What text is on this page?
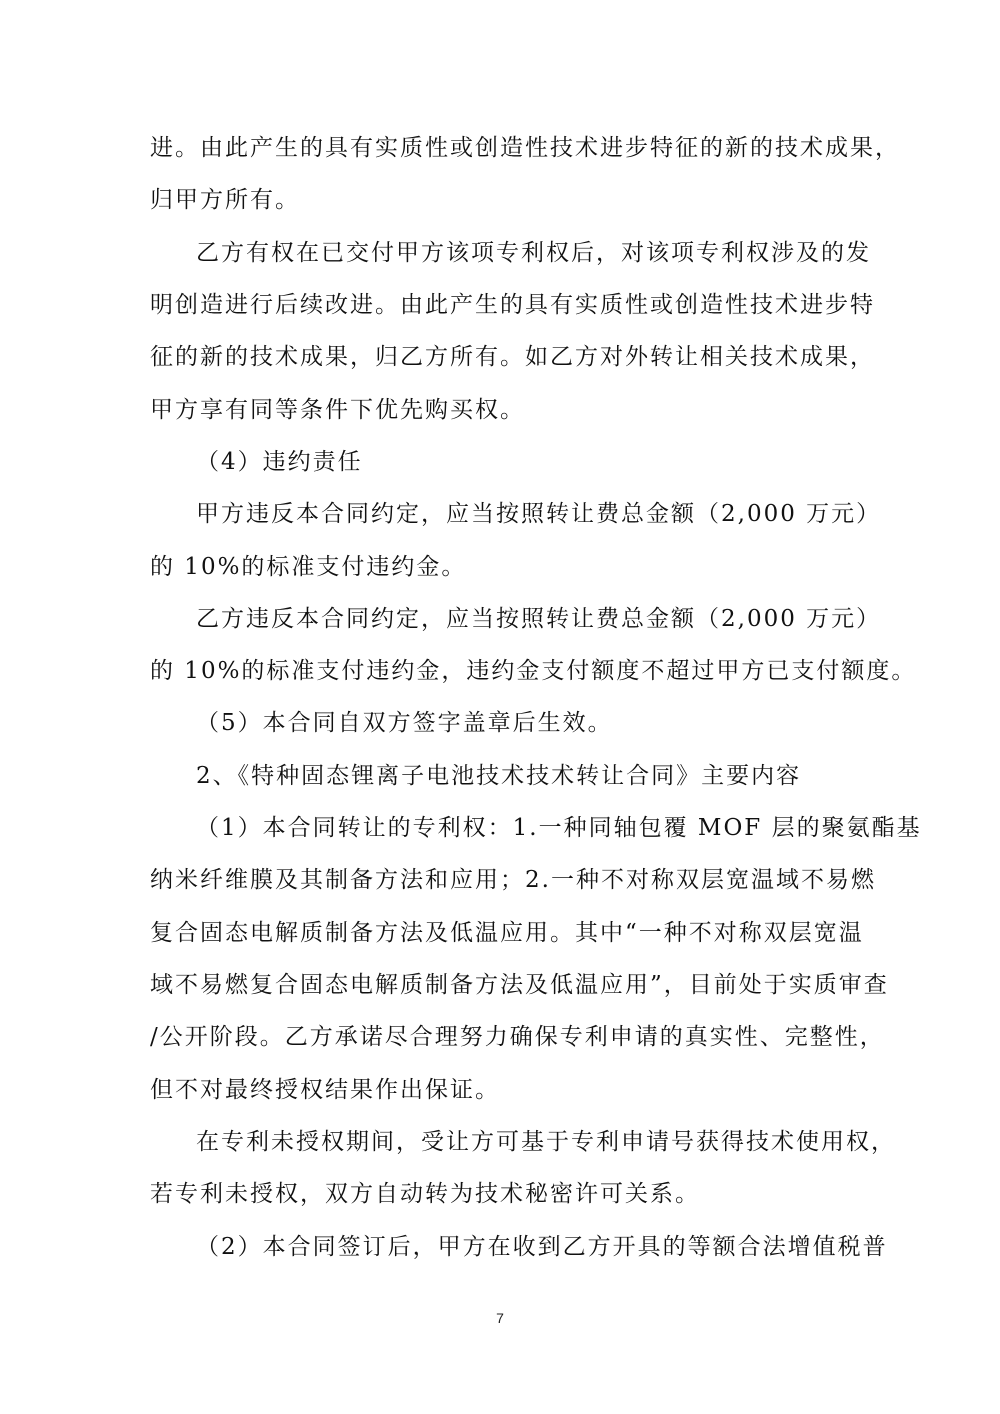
进。由此产生的具有实质性或创造性技术进步特征的新的技术成果，
归甲方所有。
乙方有权在已交付甲方该项专利权后，对该项专利权涉及的发
明创造进行后续改进。由此产生的具有实质性或创造性技术进步特
征的新的技术成果，归乙方所有。如乙方对外转让相关技术成果，
甲方享有同等条件下优先购买权。
（4）违约责任
甲方违反本合同约定，应当按照转让费总金额（2,000 万元）
的 10%的标准支付违约金。
乙方违反本合同约定，应当按照转让费总金额（2,000 万元）
的 10%的标准支付违约金，违约金支付额度不超过甲方已支付额度。
（5）本合同自双方签字盖章后生效。
2、《特种固态锂离子电池技术技术转让合同》主要内容
（1）本合同转让的专利权：1.一种同轴包覆 MOF 层的聚氨酯基
纳米纤维膜及其制备方法和应用；2.一种不对称双层宽温域不易燃
复合固态电解质制备方法及低温应用。其中“一种不对称双层宽温
域不易燃复合固态电解质制备方法及低温应用”，目前处于实质审查
/公开阶段。乙方承诺尽合理努力确保专利申请的真实性、完整性，
但不对最终授权结果作出保证。
在专利未授权期间，受让方可基于专利申请号获得技术使用权，
若专利未授权，双方自动转为技术秘密许可关系。
（2）本合同签订后，甲方在收到乙方开具的等额合法增值税普
7
